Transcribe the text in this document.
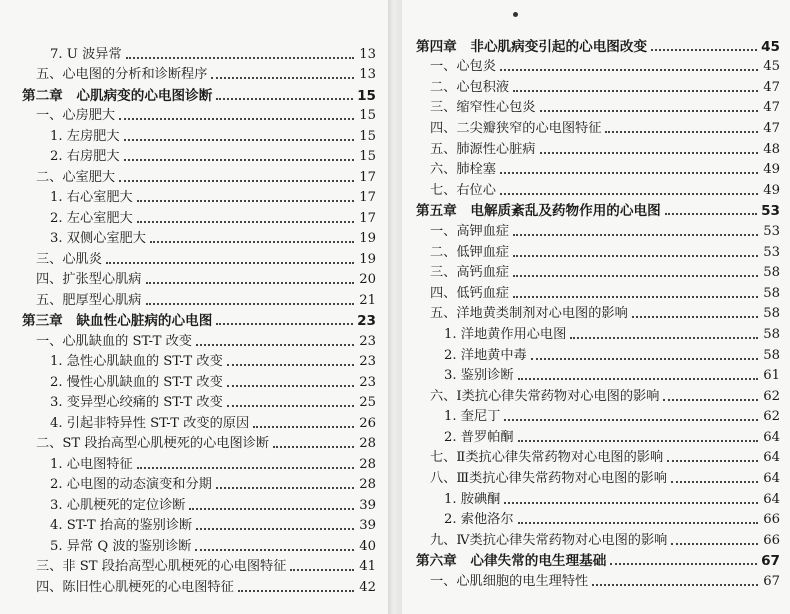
7. U 波异常	13
五、心电图的分析和诊断程序	13
第二章　心肌病变的心电图诊断	15
一、心房肥大	15
1. 左房肥大	15
2. 右房肥大	15
二、心室肥大	17
1. 右心室肥大	17
2. 左心室肥大	17
3. 双侧心室肥大	19
三、心肌炎	19
四、扩张型心肌病	20
五、肥厚型心肌病	21
第三章　缺血性心脏病的心电图	23
一、心肌缺血的 ST-T 改变	23
1. 急性心肌缺血的 ST-T 改变	23
2. 慢性心肌缺血的 ST-T 改变	23
3. 变异型心绞痛的 ST-T 改变	25
4. 引起非特异性 ST-T 改变的原因	26
二、ST 段抬高型心肌梗死的心电图诊断	28
1. 心电图特征	28
2. 心电图的动态演变和分期	28
3. 心肌梗死的定位诊断	39
4. ST-T 抬高的鉴别诊断	39
5. 异常 Q 波的鉴别诊断	40
三、非 ST 段抬高型心肌梗死的心电图特征	41
四、陈旧性心肌梗死的心电图特征	42
第四章　非心肌病变引起的心电图改变	45
一、心包炎	45
二、心包积液	47
三、缩窄性心包炎	47
四、二尖瓣狭窄的心电图特征	47
五、肺源性心脏病	48
六、肺栓塞	49
七、右位心	49
第五章　电解质紊乱及药物作用的心电图	53
一、高钾血症	53
二、低钾血症	53
三、高钙血症	58
四、低钙血症	58
五、洋地黄类制剂对心电图的影响	58
1. 洋地黄作用心电图	58
2. 洋地黄中毒	58
3. 鉴别诊断	61
六、Ⅰ类抗心律失常药物对心电图的影响	62
1. 奎尼丁	62
2. 普罗帕酮	64
七、Ⅱ类抗心律失常药物对心电图的影响	64
八、Ⅲ类抗心律失常药物对心电图的影响	64
1. 胺碘酮	64
2. 索他洛尔	66
九、Ⅳ类抗心律失常药物对心电图的影响	66
第六章　心律失常的电生理基础	67
一、心肌细胞的电生理特性	67
